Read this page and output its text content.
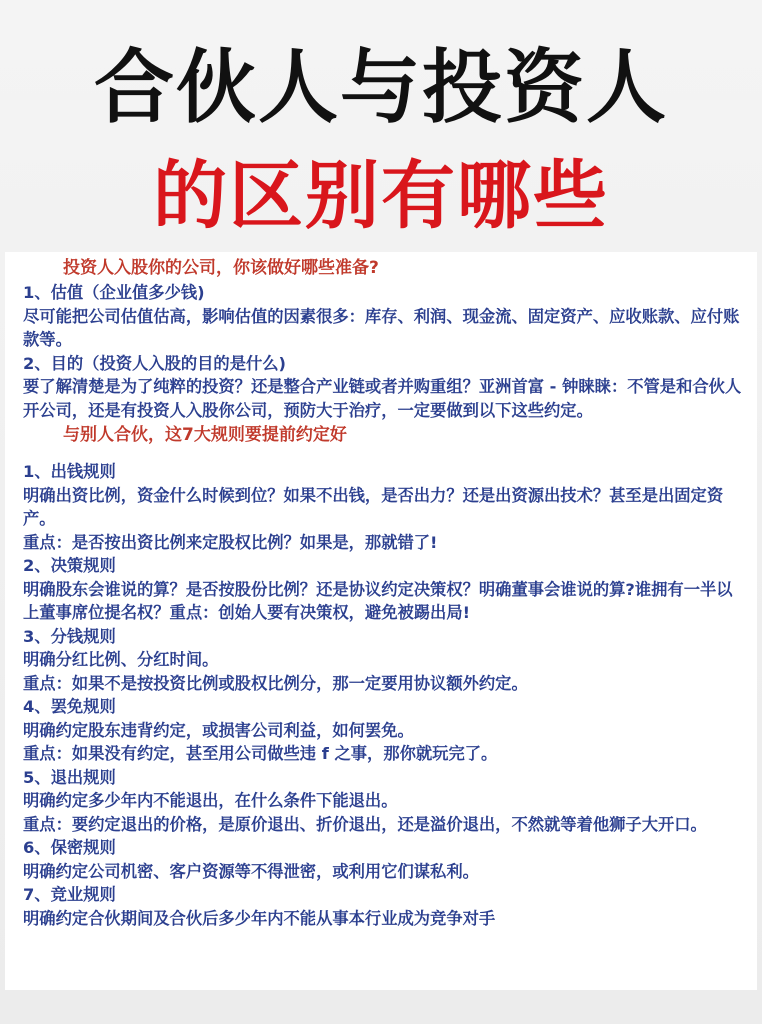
合伙人与投资人
的区别有哪些

投资人入股你的公司，你该做好哪些准备?

1、估值（企业值多少钱)

尽可能把公司估值估高，影响估值的因素很多：库存、利润、现金流、固定资产、应收账款、应付账款等。

2、目的（投资人入股的目的是什么)

要了解清楚是为了纯粹的投资？还是整合产业链或者并购重组？亚洲首富 - 钟睐睐：不管是和合伙人开公司，还是有投资人入股你公司，预防大于治疗，一定要做到以下这些约定。

与别人合伙，这7大规则要提前约定好

1、出钱规则

明确出资比例，资金什么时候到位？如果不出钱，是否出力？还是出资源出技术？甚至是出固定资产。

重点：是否按出资比例来定股权比例？如果是，那就错了!

2、决策规则

明确股东会谁说的算？是否按股份比例？还是协议约定决策权？明确董事会谁说的算?谁拥有一半以上董事席位提名权？重点：创始人要有决策权，避免被踢出局!

3、分钱规则

明确分红比例、分红时间。

重点：如果不是按投资比例或股权比例分，那一定要用协议额外约定。

4、罢免规则

明确约定股东违背约定，或损害公司利益，如何罢免。

重点：如果没有约定，甚至用公司做些违 f 之事，那你就玩完了。

5、退出规则

明确约定多少年内不能退出，在什么条件下能退出。

重点：要约定退出的价格，是原价退出、折价退出，还是溢价退出，不然就等着他狮子大开口。

6、保密规则

明确约定公司机密、客户资源等不得泄密，或利用它们谋私利。

7、竞业规则

明确约定合伙期间及合伙后多少年内不能从事本行业成为竞争对手
